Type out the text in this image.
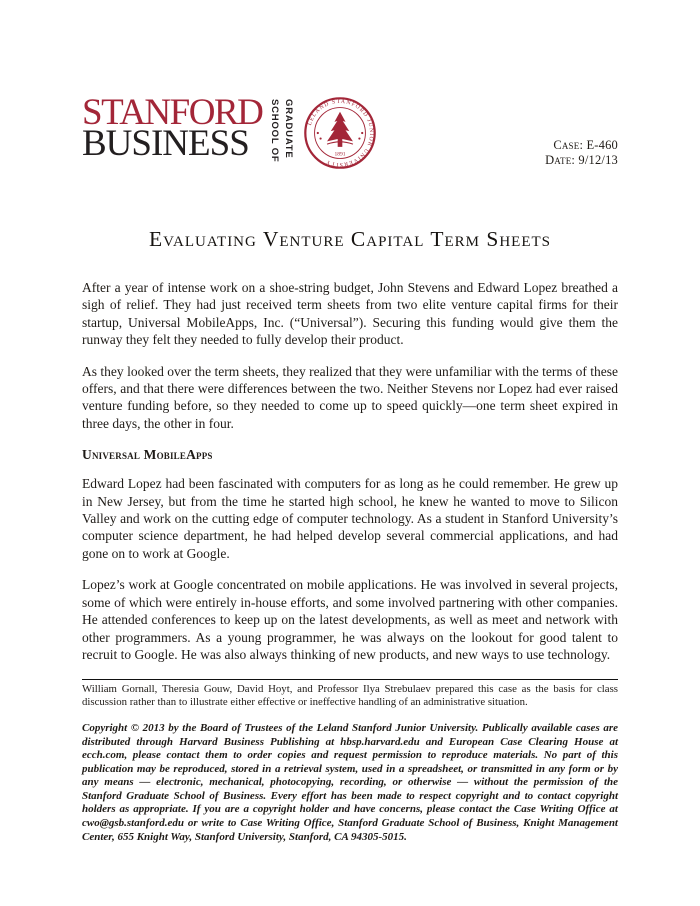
STANFORD
BUSINESS	GRADUATE
SCHOOL OF	LELAND STANFORD JUNIOR UNIVERSITY
1891
Case: E-460
Date: 9/12/13
Evaluating Venture Capital Term Sheets

After a year of intense work on a shoe-string budget, John Stevens and Edward Lopez breathed a sigh of relief. They had just received term sheets from two elite venture capital firms for their startup, Universal MobileApps, Inc. (“Universal”). Securing this funding would give them the runway they felt they needed to fully develop their product.

As they looked over the term sheets, they realized that they were unfamiliar with the terms of these offers, and that there were differences between the two. Neither Stevens nor Lopez had ever raised venture funding before, so they needed to come up to speed quickly—one term sheet expired in three days, the other in four.

Universal MobileApps

Edward Lopez had been fascinated with computers for as long as he could remember. He grew up in New Jersey, but from the time he started high school, he knew he wanted to move to Silicon Valley and work on the cutting edge of computer technology. As a student in Stanford University’s computer science department, he had helped develop several commercial applications, and had gone on to work at Google.

Lopez’s work at Google concentrated on mobile applications. He was involved in several projects, some of which were entirely in-house efforts, and some involved partnering with other companies. He attended conferences to keep up on the latest developments, as well as meet and network with other programmers. As a young programmer, he was always on the lookout for good talent to recruit to Google. He was also always thinking of new products, and new ways to use technology.

William Gornall, Theresia Gouw, David Hoyt, and Professor Ilya Strebulaev prepared this case as the basis for class discussion rather than to illustrate either effective or ineffective handling of an administrative situation.

Copyright © 2013 by the Board of Trustees of the Leland Stanford Junior University. Publically available cases are distributed through Harvard Business Publishing at hbsp.harvard.edu and European Case Clearing House at ecch.com, please contact them to order copies and request permission to reproduce materials. No part of this publication may be reproduced, stored in a retrieval system, used in a spreadsheet, or transmitted in any form or by any means — electronic, mechanical, photocopying, recording, or otherwise — without the permission of the Stanford Graduate School of Business. Every effort has been made to respect copyright and to contact copyright holders as appropriate. If you are a copyright holder and have concerns, please contact the Case Writing Office at cwo@gsb.stanford.edu or write to Case Writing Office, Stanford Graduate School of Business, Knight Management Center, 655 Knight Way, Stanford University, Stanford, CA 94305-5015.
